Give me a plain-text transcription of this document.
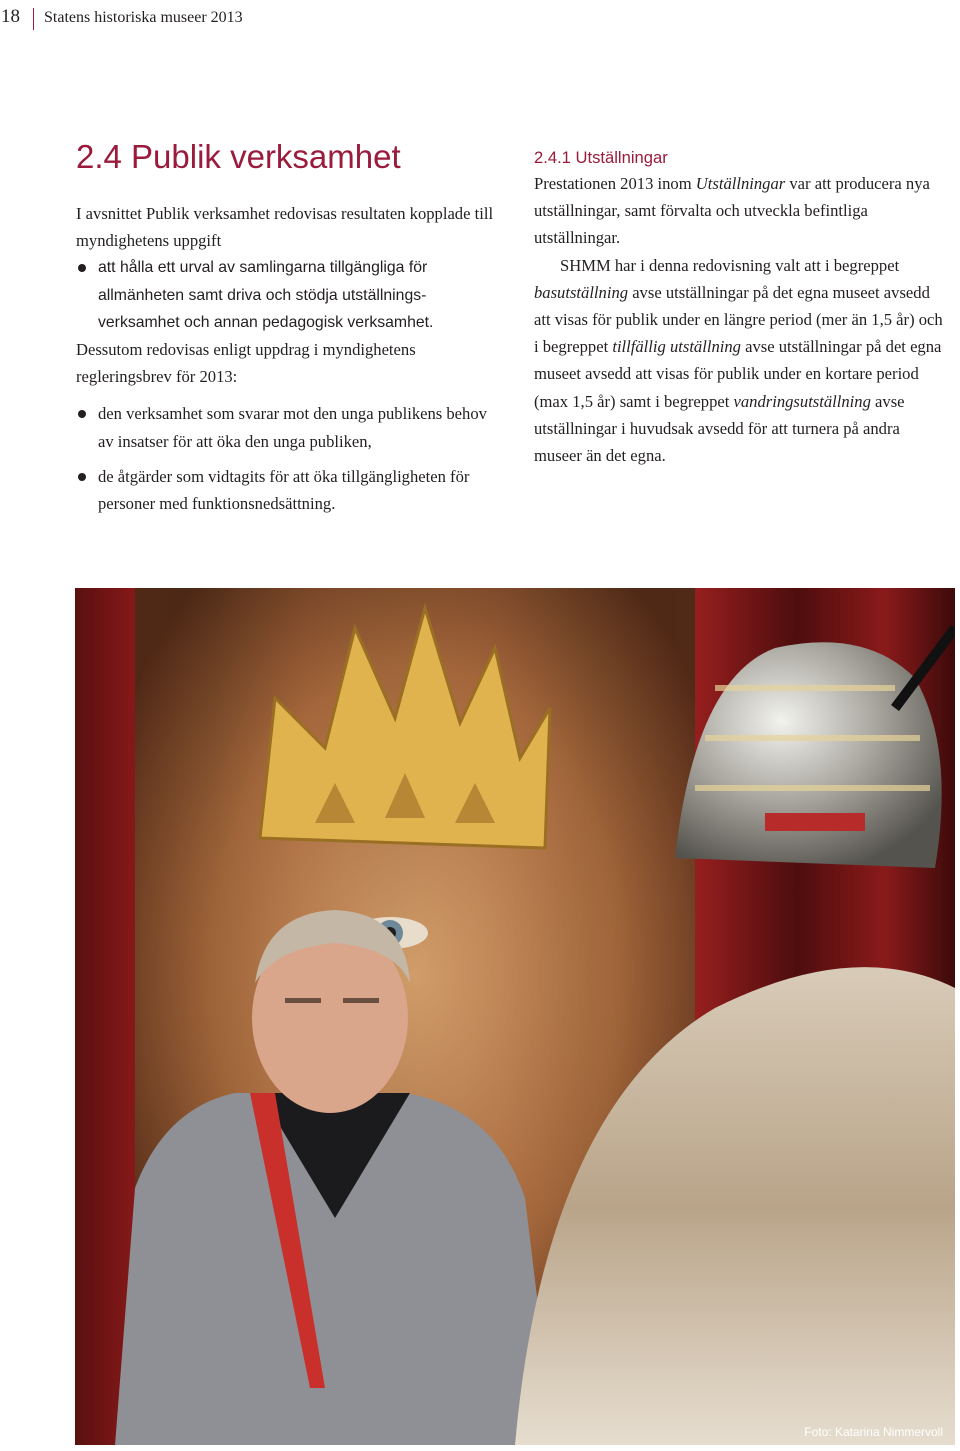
18 Statens historiska museer 2013
2.4 Publik verksamhet

I avsnittet Publik verksamhet redovisas resultaten kopplade till myndighetens uppgift

att hålla ett urval av samlingarna tillgängliga för allmänheten samt driva och stödja utställnings-verksamhet och annan pedagogisk verksamhet.

Dessutom redovisas enligt uppdrag i myndighetens regleringsbrev för 2013:

den verksamhet som svarar mot den unga publikens behov av insatser för att öka den unga publiken,
de åtgärder som vidtagits för att öka tillgängligheten för personer med funktionsnedsättning.
2.4.1 Utställningar

Prestationen 2013 inom Utställningar var att producera nya utställningar, samt förvalta och utveckla befintliga utställningar.

SHMM har i denna redovisning valt att i begreppet basutställning avse utställningar på det egna museet avsedd att visas för publik under en längre period (mer än 1,5 år) och i begreppet tillfällig utställning avse utställningar på det egna museet avsedd att visas för publik under en kortare period (max 1,5 år) samt i begreppet vandringsutställning avse utställningar i huvudsak avsedd för att turnera på andra museer än det egna.

Foto: Katarina Nimmervoll
